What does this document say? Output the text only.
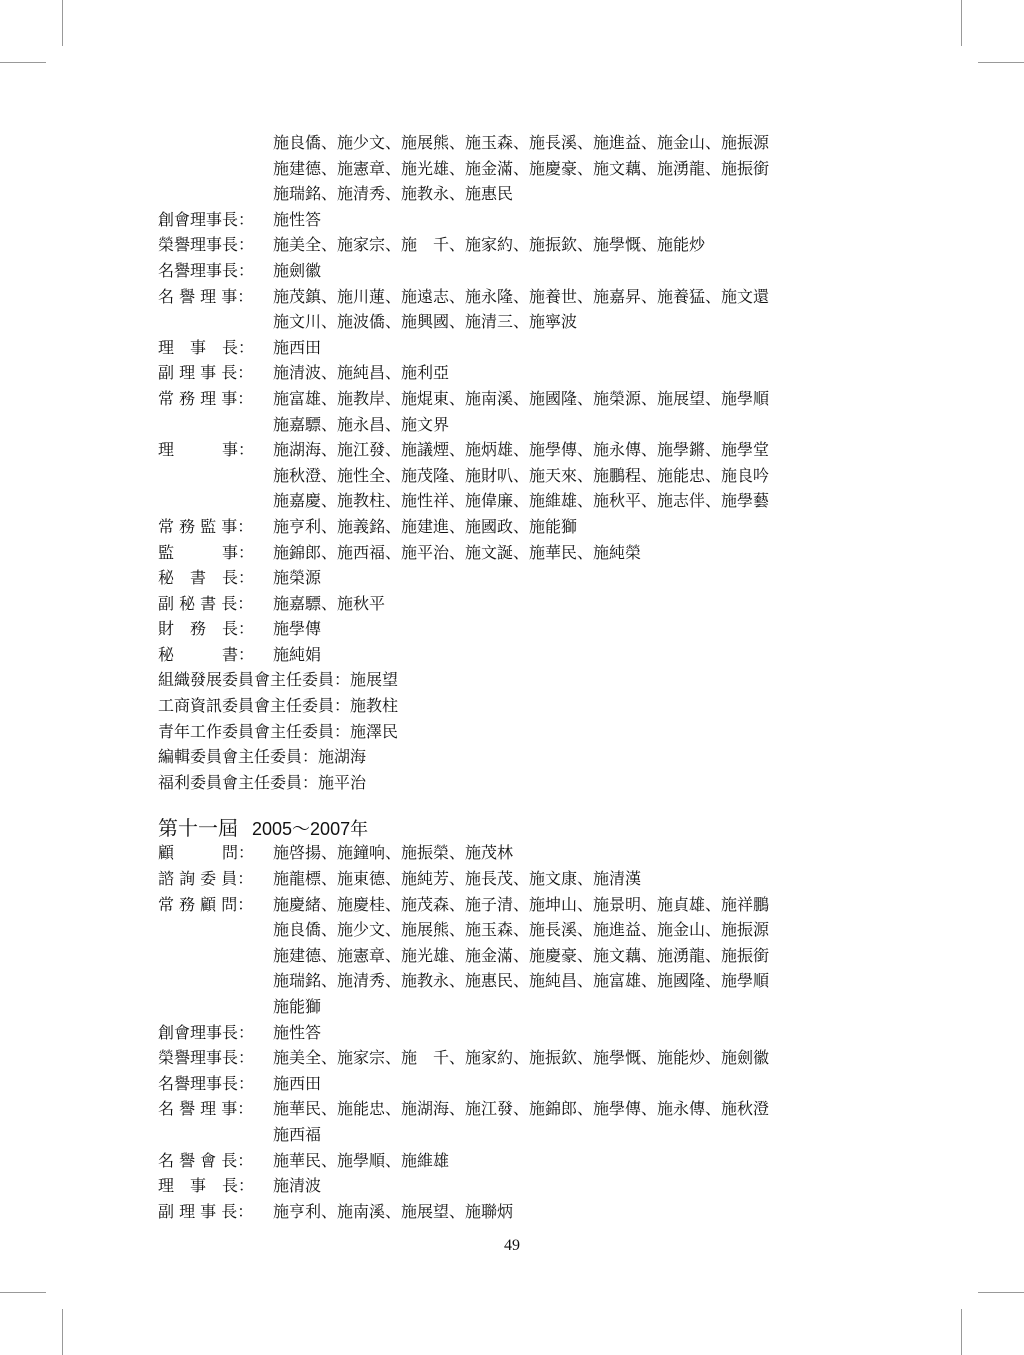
施良僑、施少文、施展熊、施玉森、施長溪、施進益、施金山、施振源
施建德、施憲章、施光雄、施金滿、施慶豪、施文藕、施湧龍、施振銜
施瑞銘、施清秀、施教永、施惠民
創會理事長：	施性答
榮譽理事長：	施美全、施家宗、施　千、施家約、施振欽、施學慨、施能炒
名譽理事長：	施劍徽
名 譽 理 事：	施茂鎮、施川蓮、施遠志、施永隆、施養世、施嘉昇、施養猛、施文還
施文川、施波僑、施興國、施清三、施寧波
理　事　長：	施西田
副 理 事 長：	施清波、施純昌、施利亞
常 務 理 事：	施富雄、施教岸、施焜東、施南溪、施國隆、施榮源、施展望、施學順
施嘉驃、施永昌、施文界
理　　　事：	施湖海、施江發、施議煙、施炳雄、施學傳、施永傳、施學鏘、施學堂
施秋澄、施性全、施茂隆、施財叭、施天來、施鵬程、施能忠、施良吟
施嘉慶、施教柱、施性祥、施偉廉、施維雄、施秋平、施志伴、施學藝
常 務 監 事：	施亨利、施義銘、施建進、施國政、施能獅
監　　　事：	施錦郎、施西福、施平治、施文誕、施華民、施純榮
秘　書　長：	施榮源
副 秘 書 長：	施嘉驃、施秋平
財　務　長：	施學傳
秘　　　書：	施純娟
組織發展委員會主任委員： 施展望
工商資訊委員會主任委員： 施教柱
青年工作委員會主任委員： 施澤民
編輯委員會主任委員： 施湖海
福利委員會主任委員： 施平治
第十一屆 2005～2007年
顧　　　問：	施啓揚、施鐘响、施振榮、施茂林
諮 詢 委 員：	施龍標、施東德、施純芳、施長茂、施文康、施清漢
常 務 顧 問：	施慶緒、施慶桂、施茂森、施子清、施坤山、施景明、施貞雄、施祥鵬
施良僑、施少文、施展熊、施玉森、施長溪、施進益、施金山、施振源
施建德、施憲章、施光雄、施金滿、施慶豪、施文藕、施湧龍、施振銜
施瑞銘、施清秀、施教永、施惠民、施純昌、施富雄、施國隆、施學順
施能獅
創會理事長：	施性答
榮譽理事長：	施美全、施家宗、施　千、施家約、施振欽、施學慨、施能炒、施劍徽
名譽理事長：	施西田
名 譽 理 事：	施華民、施能忠、施湖海、施江發、施錦郎、施學傳、施永傳、施秋澄
施西福
名 譽 會 長：	施華民、施學順、施維雄
理　事　長：	施清波
副 理 事 長：	施亨利、施南溪、施展望、施聯炳
49
